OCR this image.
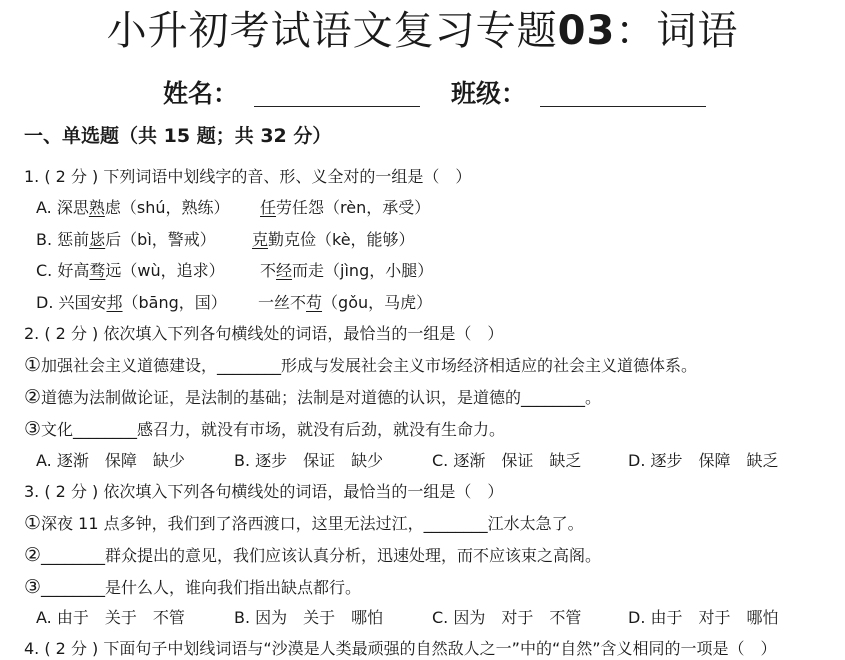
小升初考试语文复习专题03：词语
姓名：	班级：
一、单选题（共 15 题；共 32 分）
1. ( 2 分 ) 下列词语中划线字的音、形、义全对的一组是（　）
A. 深思熟虑（shú，熟练） 任劳任怨（rèn，承受）
B. 惩前毖后（bì，警戒） 克勤克俭（kè，能够）
C. 好高骛远（wù，追求） 不经而走（jìng，小腿）
D. 兴国安邦（bāng，国） 一丝不苟（gǒu，马虎）
2. ( 2 分 ) 依次填入下列各句横线处的词语，最恰当的一组是（　）
①加强社会主义道德建设，________形成与发展社会主义市场经济相适应的社会主义道德体系。
②道德为法制做论证，是法制的基础；法制是对道德的认识，是道德的________。
③文化________感召力，就没有市场，就没有后劲，就没有生命力。
A. 逐渐　保障　缺少	B. 逐步　保证　缺少	C. 逐渐　保证　缺乏	D. 逐步　保障　缺乏
3. ( 2 分 ) 依次填入下列各句横线处的词语，最恰当的一组是（　）
①深夜 11 点多钟，我们到了洛西渡口，这里无法过江，________江水太急了。
②________群众提出的意见，我们应该认真分析，迅速处理，而不应该束之高阁。
③________是什么人，谁向我们指出缺点都行。
A. 由于　关于　不管	B. 因为　关于　哪怕	C. 因为　对于　不管	D. 由于　对于　哪怕
4. ( 2 分 ) 下面句子中划线词语与“沙漠是人类最顽强的自然敌人之一”中的“自然”含义相同的一项是（　）
